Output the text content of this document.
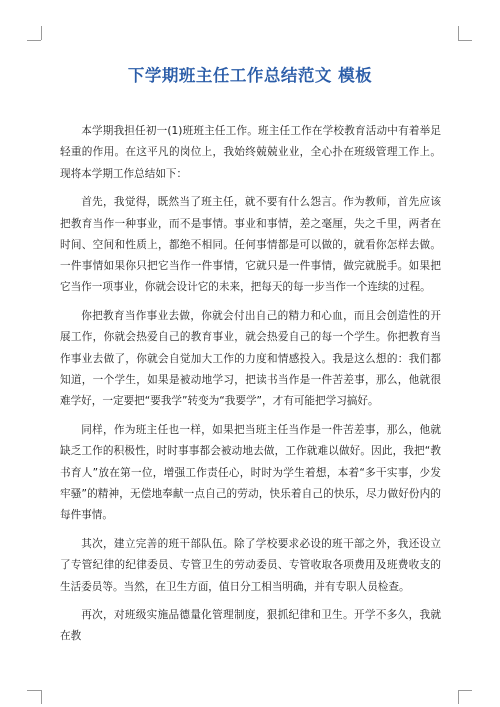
下学期班主任工作总结范文 模板

本学期我担任初一(1)班班主任工作。班主任工作在学校教育活动中有着举足轻重的作用。在这平凡的岗位上，我始终兢兢业业，全心扑在班级管理工作上。现将本学期工作总结如下：

首先，我觉得，既然当了班主任，就不要有什么怨言。作为教师，首先应该把教育当作一种事业，而不是事情。事业和事情，差之毫厘，失之千里，两者在时间、空间和性质上，都绝不相同。任何事情都是可以做的，就看你怎样去做。一件事情如果你只把它当作一件事情，它就只是一件事情，做完就脱手。如果把它当作一项事业，你就会设计它的未来，把每天的每一步当作一个连续的过程。

你把教育当作事业去做，你就会付出自己的精力和心血，而且会创造性的开展工作，你就会热爱自己的教育事业，就会热爱自己的每一个学生。你把教育当作事业去做了，你就会自觉加大工作的力度和情感投入。我是这么想的：我们都知道，一个学生，如果是被动地学习，把读书当作是一件苦差事，那么，他就很难学好，一定要把“要我学”转变为“我要学”，才有可能把学习搞好。

同样，作为班主任也一样，如果把当班主任当作是一件苦差事，那么，他就缺乏工作的积极性，时时事事都会被动地去做，工作就难以做好。因此，我把“教书育人”放在第一位，增强工作责任心，时时为学生着想，本着“多干实事，少发牢骚”的精神，无偿地奉献一点自己的劳动，快乐着自己的快乐，尽力做好份内的每件事情。

其次，建立完善的班干部队伍。除了学校要求必设的班干部之外，我还设立了专管纪律的纪律委员、专管卫生的劳动委员、专管收取各项费用及班费收支的生活委员等。当然，在卫生方面，值日分工相当明确，并有专职人员检查。

再次，对班级实施品德量化管理制度，狠抓纪律和卫生。开学不多久，我就在教
